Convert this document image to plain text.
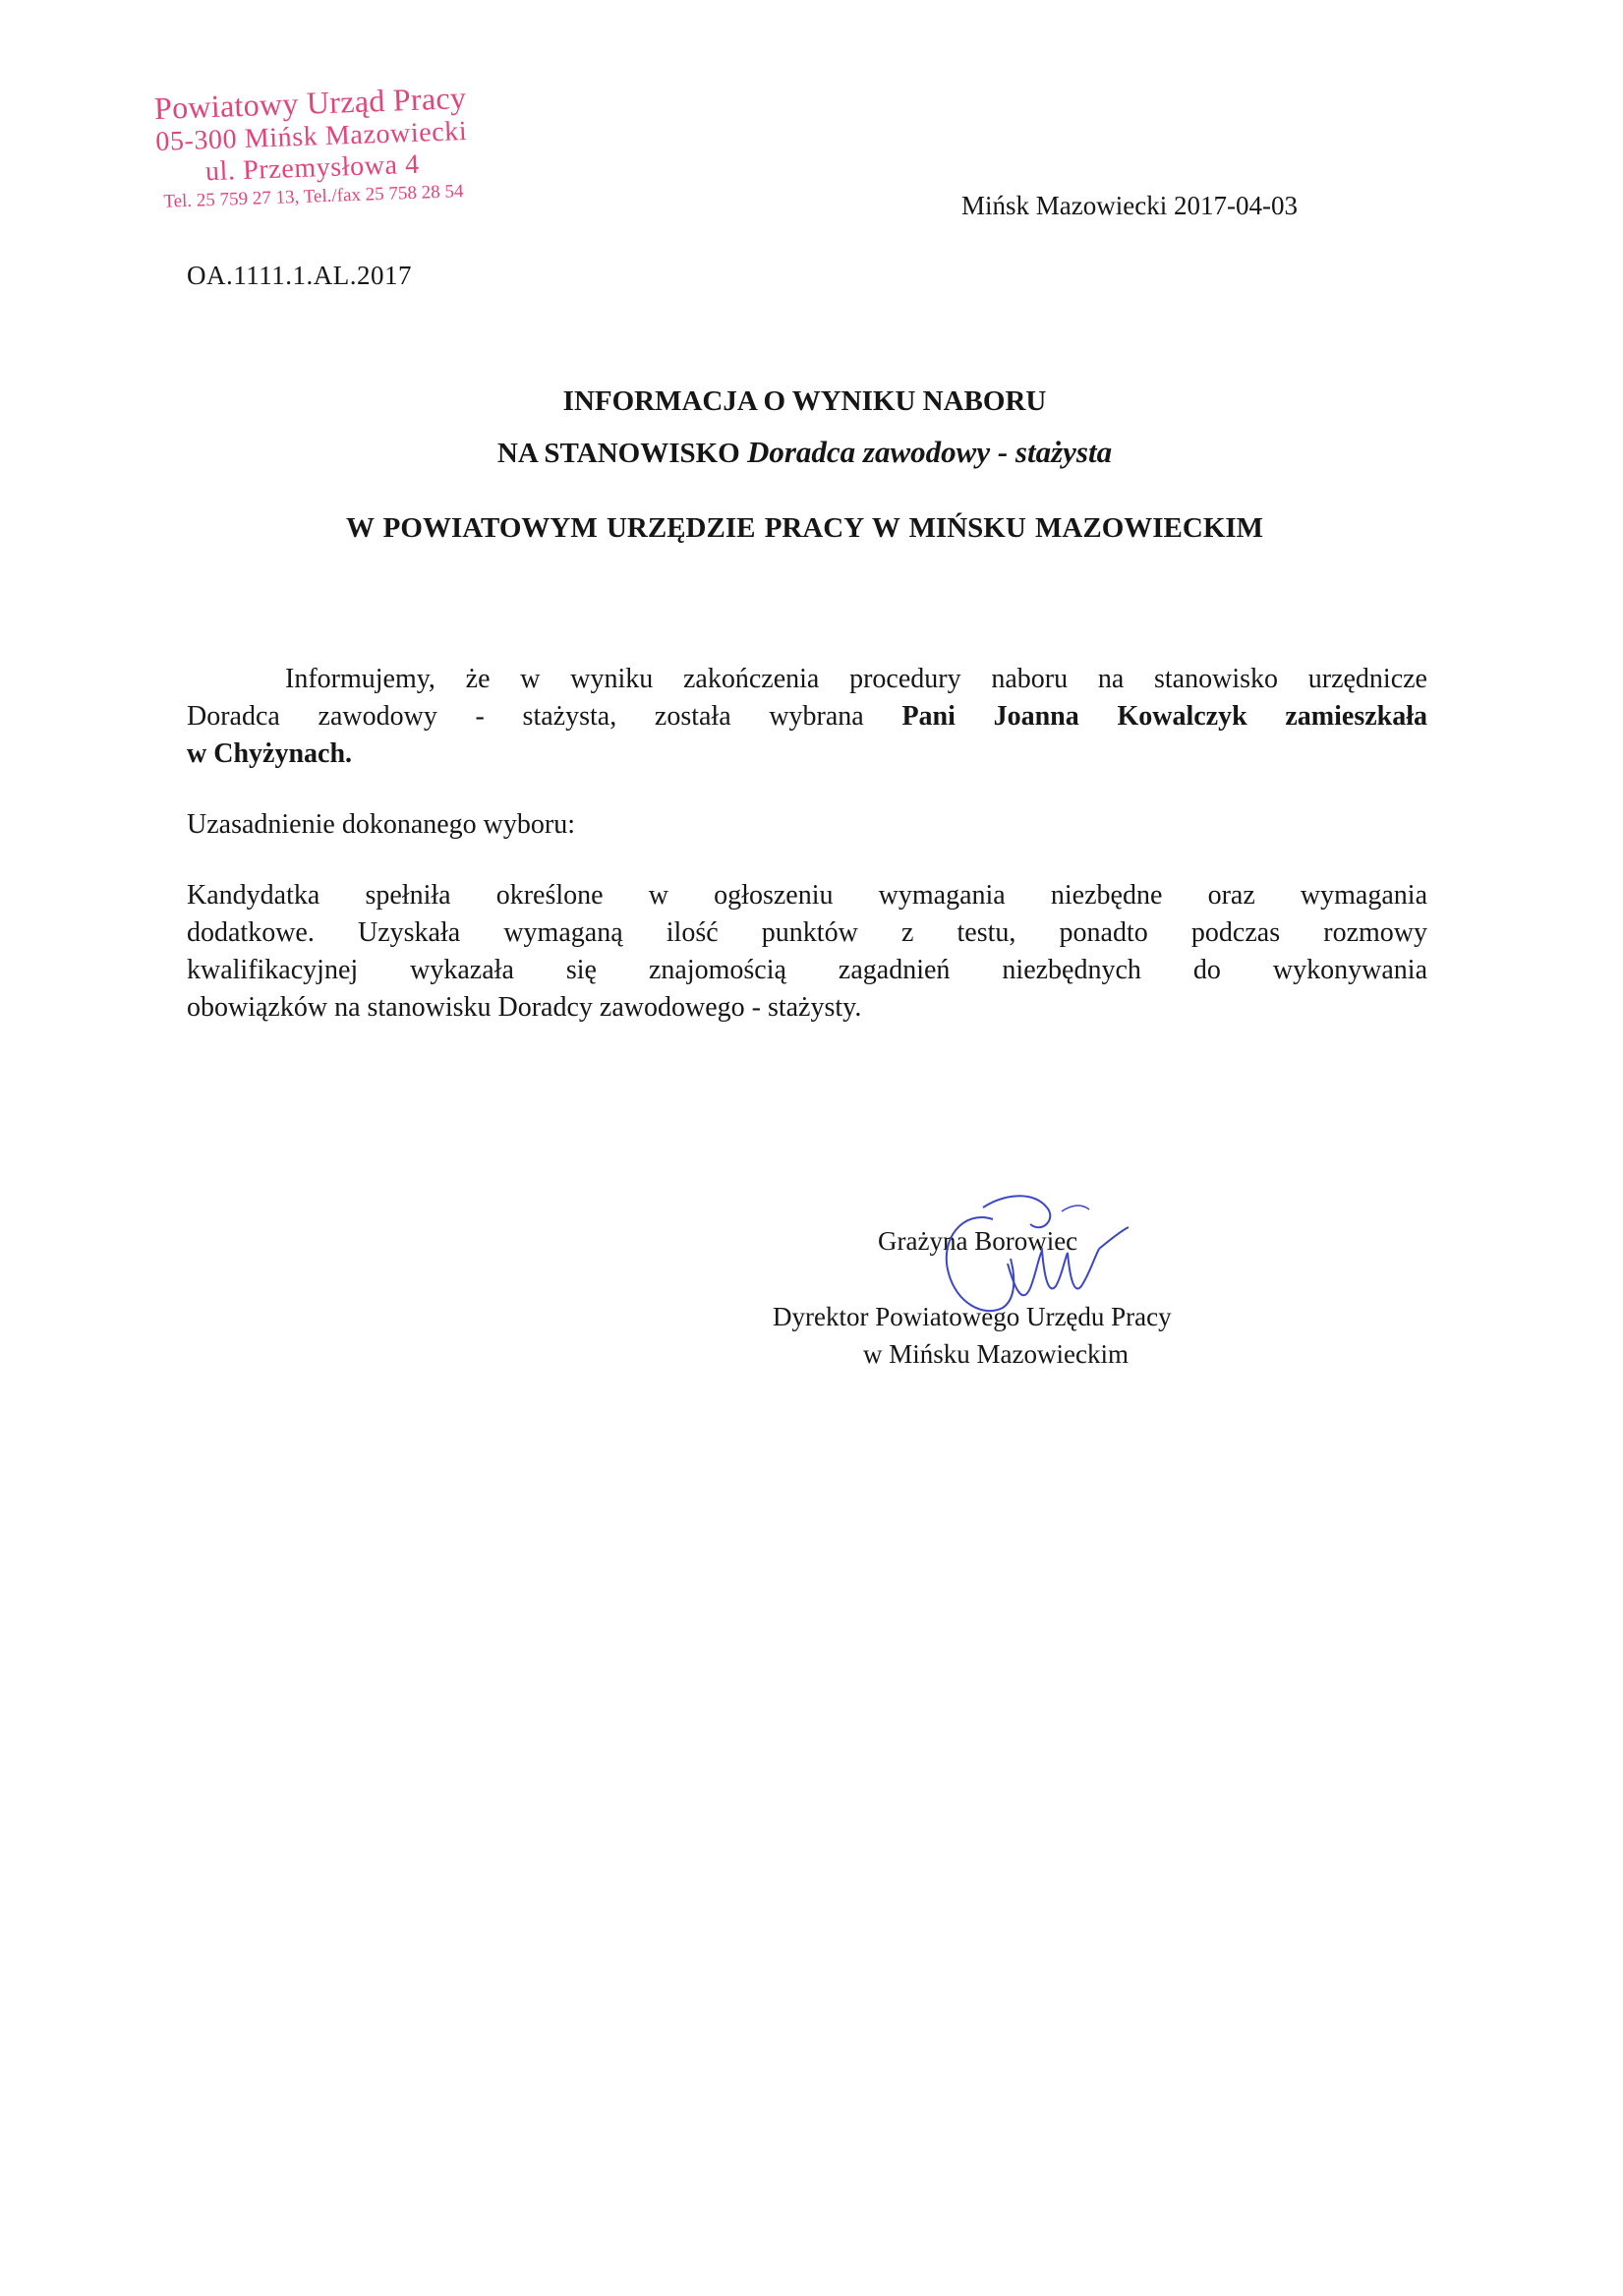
Powiatowy Urząd Pracy
05-300 Mińsk Mazowiecki
ul. Przemysłowa 4
Tel. 25 759 27 13, Tel./fax 25 758 28 54	Mińsk Mazowiecki 2017-04-03
OA.1111.1.AL.2017
INFORMACJA O WYNIKU NABORU
NA STANOWISKO Doradca zawodowy - stażysta
W POWIATOWYM URZĘDZIE PRACY W MIŃSKU MAZOWIECKIM
Informujemy, że w wyniku zakończenia procedury naboru na stanowisko urzędnicze
Doradca zawodowy - stażysta, została wybrana Pani Joanna Kowalczyk zamieszkała
w Chyżynach.
Uzasadnienie dokonanego wyboru:
Kandydatka spełniła określone w ogłoszeniu wymagania niezbędne oraz wymagania
dodatkowe. Uzyskała wymaganą ilość punktów z testu, ponadto podczas rozmowy
kwalifikacyjnej wykazała się znajomością zagadnień niezbędnych do wykonywania
obowiązków na stanowisku Doradcy zawodowego - stażysty.
Grażyna Borowiec
Dyrektor Powiatowego Urzędu Pracy
w Mińsku Mazowieckim
